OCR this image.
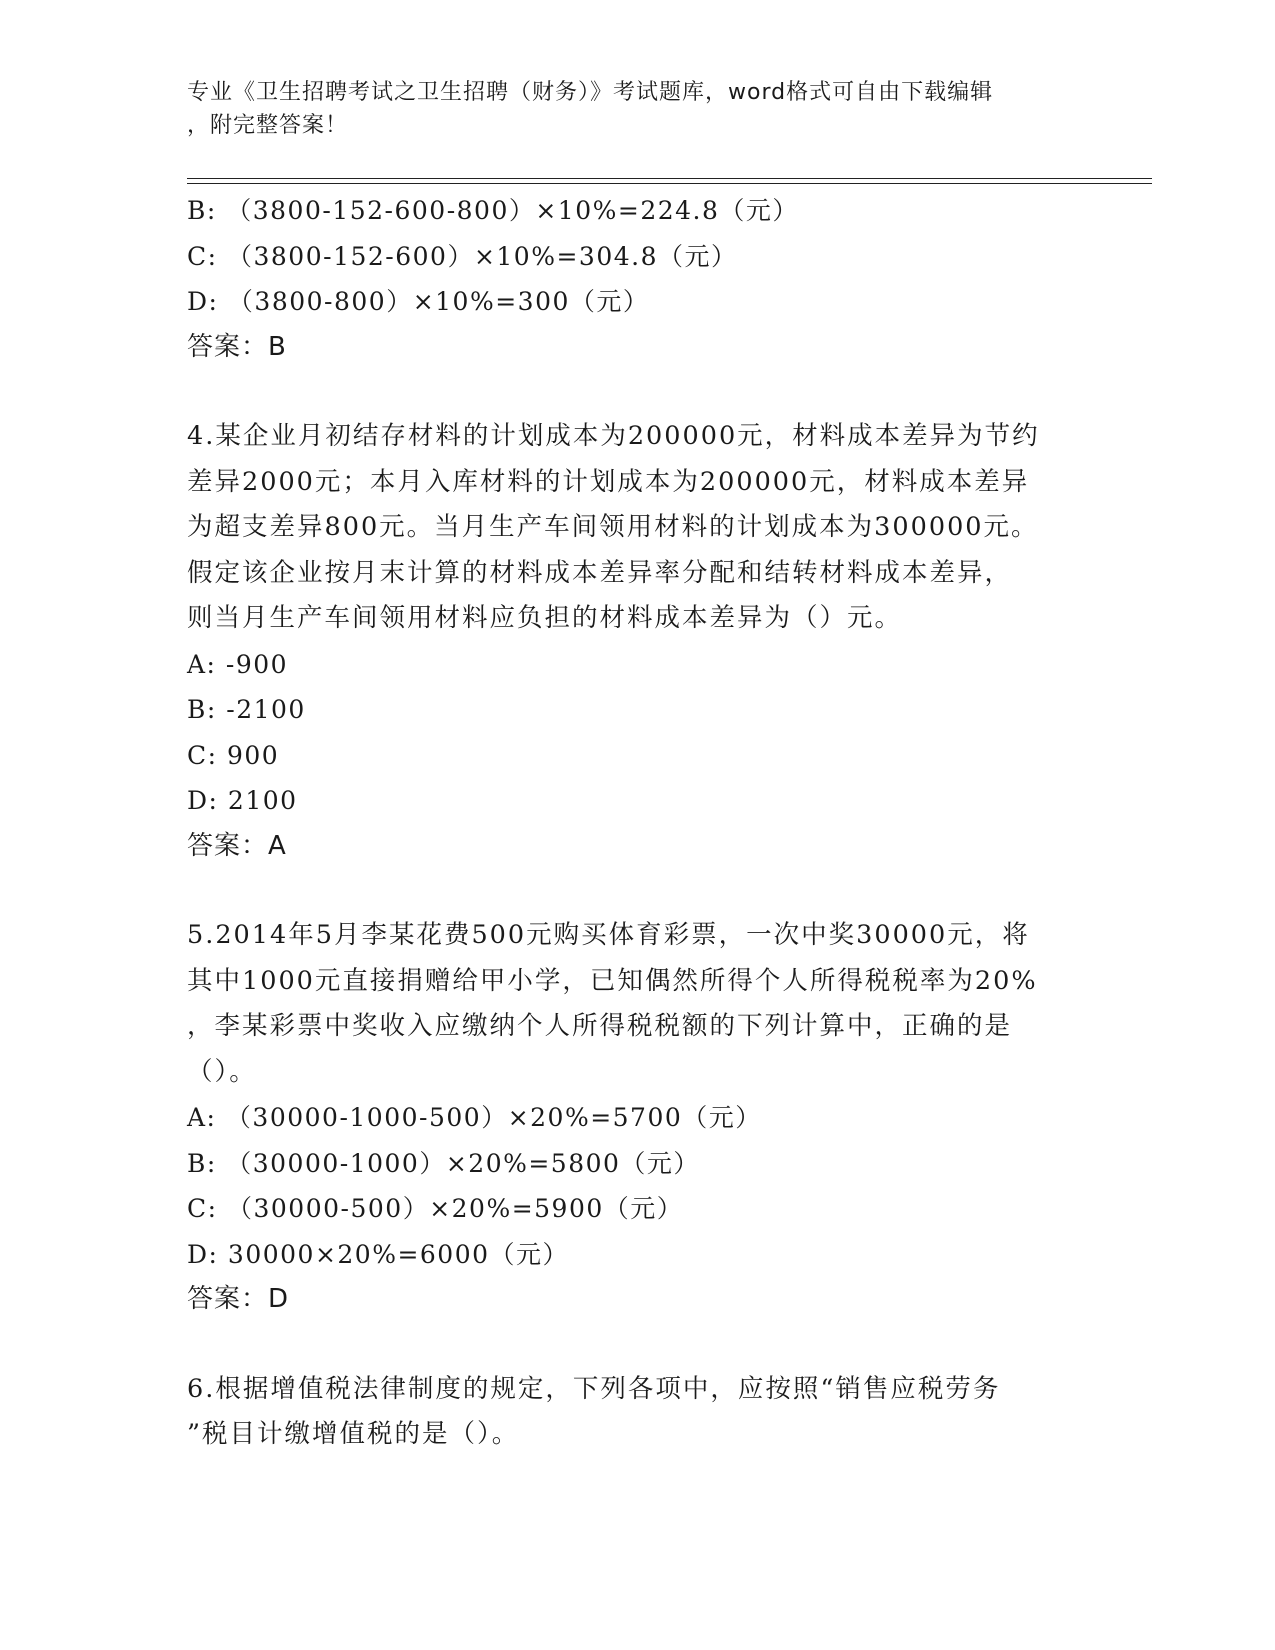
专业《卫生招聘考试之卫生招聘（财务）》考试题库，word格式可自由下载编辑
，附完整答案！
B: （3800-152-600-800）×10%=224.8（元）
C: （3800-152-600）×10%=304.8（元）
D: （3800-800）×10%=300（元）
答案：B
4.某企业月初结存材料的计划成本为200000元，材料成本差异为节约
差异2000元；本月入库材料的计划成本为200000元，材料成本差异
为超支差异800元。当月生产车间领用材料的计划成本为300000元。
假定该企业按月末计算的材料成本差异率分配和结转材料成本差异，
则当月生产车间领用材料应负担的材料成本差异为（）元。
A: -900
B: -2100
C: 900
D: 2100
答案：A
5.2014年5月李某花费500元购买体育彩票，一次中奖30000元，将
其中1000元直接捐赠给甲小学，已知偶然所得个人所得税税率为20%
，李某彩票中奖收入应缴纳个人所得税税额的下列计算中，正确的是
（）。
A: （30000-1000-500）×20%=5700（元）
B: （30000-1000）×20%=5800（元）
C: （30000-500）×20%=5900（元）
D: 30000×20%=6000（元）
答案：D
6.根据增值税法律制度的规定，下列各项中，应按照“销售应税劳务
”税目计缴增值税的是（）。
